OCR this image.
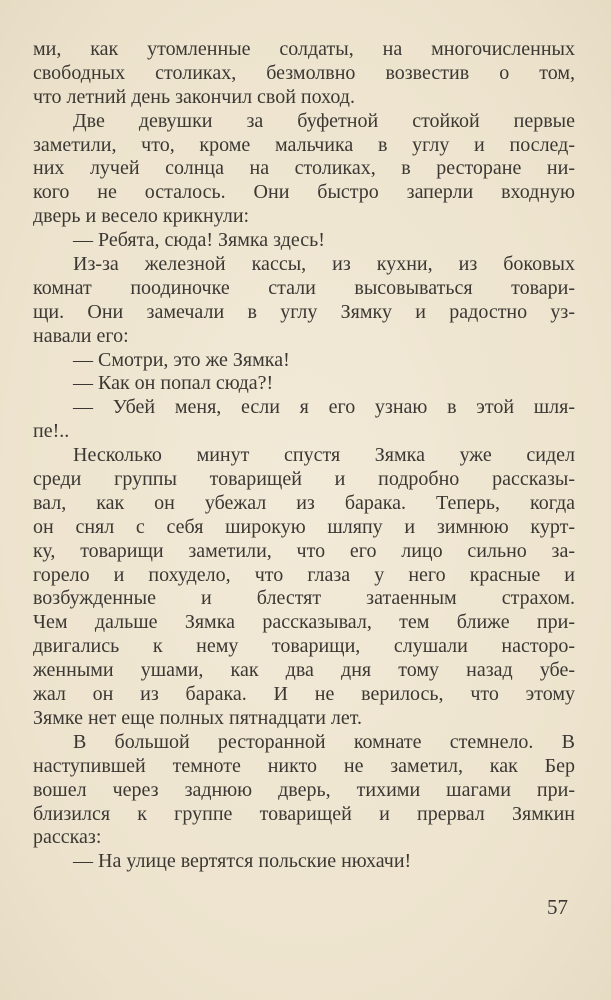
ми, как утомленные солдаты, на многочисленных
свободных столиках, безмолвно возвестив о том,
что летний день закончил свой поход.
Две девушки за буфетной стойкой первые
заметили, что, кроме мальчика в углу и послед-
них лучей солнца на столиках, в ресторане ни-
кого не осталось. Они быстро заперли входную
дверь и весело крикнули:
— Ребята, сюда! Зямка здесь!
Из-за железной кассы, из кухни, из боковых
комнат поодиночке стали высовываться товари-
щи. Они замечали в углу Зямку и радостно уз-
навали его:
— Смотри, это же Зямка!
— Как он попал сюда?!
— Убей меня, если я его узнаю в этой шля-
пе!..
Несколько минут спустя Зямка уже сидел
среди группы товарищей и подробно рассказы-
вал, как он убежал из барака. Теперь, когда
он снял с себя широкую шляпу и зимнюю курт-
ку, товарищи заметили, что его лицо сильно за-
горело и похудело, что глаза у него красные и
возбужденные и блестят затаенным страхом.
Чем дальше Зямка рассказывал, тем ближе при-
двигались к нему товарищи, слушали насторо-
женными ушами, как два дня тому назад убе-
жал он из барака. И не верилось, что этому
Зямке нет еще полных пятнадцати лет.
В большой ресторанной комнате стемнело. В
наступившей темноте никто не заметил, как Бер
вошел через заднюю дверь, тихими шагами при-
близился к группе товарищей и прервал Зямкин
рассказ:
— На улице вертятся польские нюхачи!
57
